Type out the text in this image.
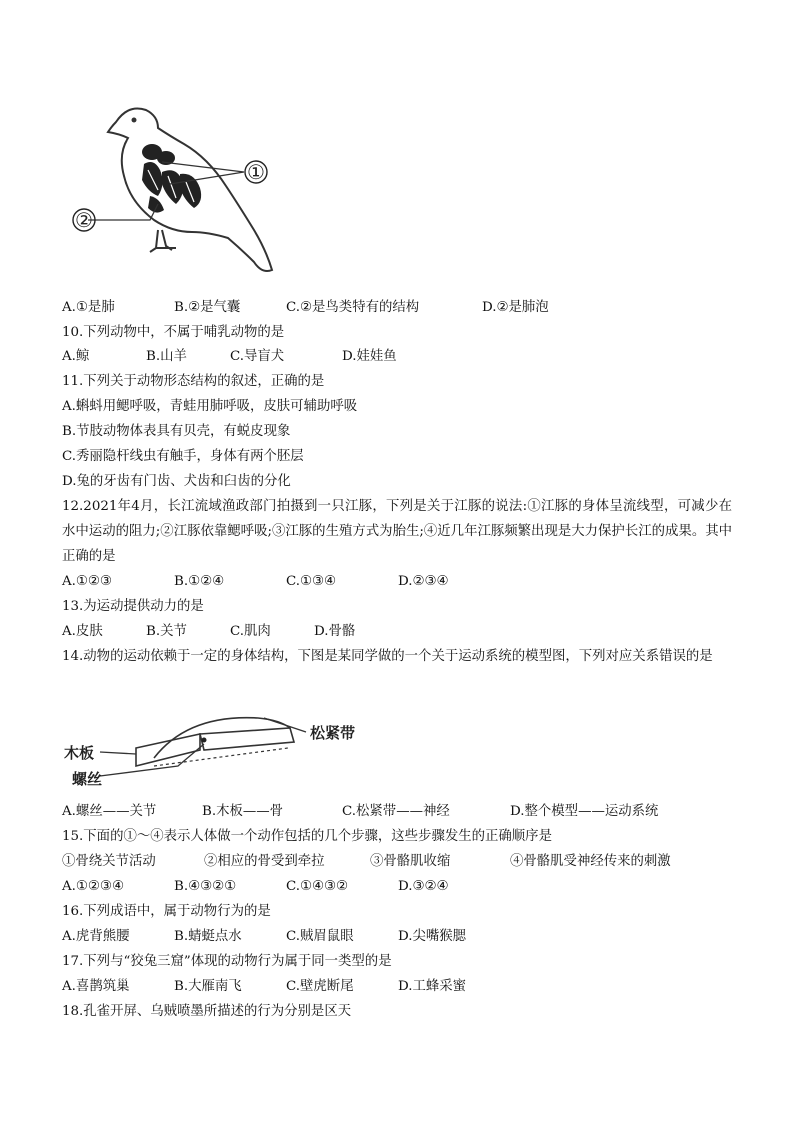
①
②
A.①是肺	B.②是气囊	C.②是鸟类特有的结构	D.②是肺泡
10.下列动物中，不属于哺乳动物的是
A.鲸	B.山羊	C.导盲犬	D.娃娃鱼
11.下列关于动物形态结构的叙述，正确的是
A.蝌蚪用鳃呼吸，青蛙用肺呼吸，皮肤可辅助呼吸
B.节肢动物体表具有贝壳，有蜕皮现象
C.秀丽隐杆线虫有触手，身体有两个胚层
D.兔的牙齿有门齿、犬齿和臼齿的分化
12.2021年4月，长江流域渔政部门拍摄到一只江豚，下列是关于江豚的说法:①江豚的身体呈流线型，可减少在水中运动的阻力;②江豚依靠鳃呼吸;③江豚的生殖方式为胎生;④近几年江豚频繁出现是大力保护长江的成果。其中正确的是
A.①②③	B.①②④	C.①③④	D.②③④
13.为运动提供动力的是
A.皮肤	B.关节	C.肌肉	D.骨骼
14.动物的运动依赖于一定的身体结构，下图是某同学做的一个关于运动系统的模型图，下列对应关系错误的是
木板
螺丝
松紧带
A.螺丝——关节	B.木板——骨	C.松紧带——神经	D.整个模型——运动系统
15.下面的①～④表示人体做一个动作包括的几个步骤，这些步骤发生的正确顺序是
①骨绕关节活动	②相应的骨受到牵拉	③骨骼肌收缩	④骨骼肌受神经传来的刺激
A.①②③④	B.④③②①	C.①④③②	D.③②④
16.下列成语中，属于动物行为的是
A.虎背熊腰	B.蜻蜓点水	C.贼眉鼠眼	D.尖嘴猴腮
17.下列与“狡兔三窟”体现的动物行为属于同一类型的是
A.喜鹊筑巢	B.大雁南飞	C.壁虎断尾	D.工蜂采蜜
18.孔雀开屏、乌贼喷墨所描述的行为分别是区天
